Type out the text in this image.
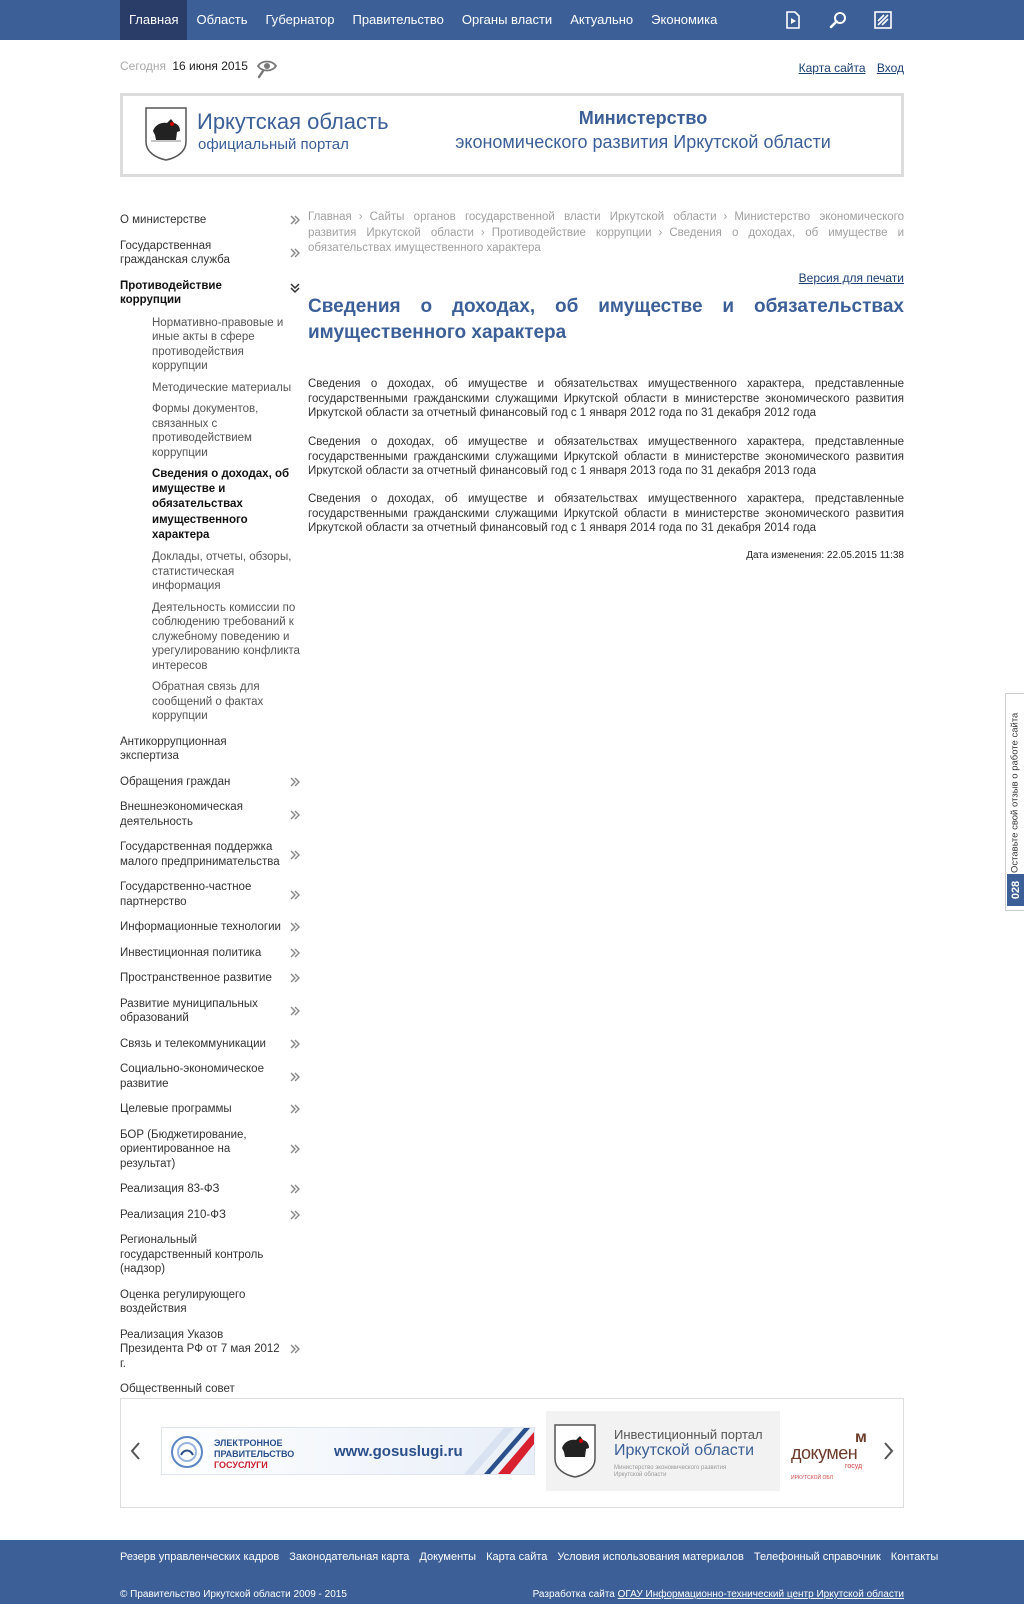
Главная	Область	Губернатор	Правительство	Органы власти	Актуально	Экономика
Сегодня 16 июня 2015	Карта сайта Вход
Иркутская область
официальный портал
Министерство
экономического развития Иркутской области
О министерстве
Государственная гражданская служба
Противодействие коррупции
Нормативно-правовые и иные акты в сфере противодействия коррупции
Методические материалы
Формы документов, связанных с противодействием коррупции
Сведения о доходах, об имуществе и обязательствах имущественного характера
Доклады, отчеты, обзоры, статистическая информация
Деятельность комиссии по соблюдению требований к служебному поведению и урегулированию конфликта интересов
Обратная связь для сообщений о фактах коррупции
Антикоррупционная экспертиза
Обращения граждан
Внешнеэкономическая деятельность
Государственная поддержка малого предпринимательства
Государственно-частное партнерство
Информационные технологии
Инвестиционная политика
Пространственное развитие
Развитие муниципальных образований
Связь и телекоммуникации
Социально-экономическое развитие
Целевые программы
БОР (Бюджетирование, ориентированное на результат)
Реализация 83-ФЗ
Реализация 210-ФЗ
Региональный государственный контроль (надзор)
Оценка регулирующего воздействия
Реализация Указов Президента РФ от 7 мая 2012 г.
Общественный совет
Главная › Сайты органов государственной власти Иркутской области › Министерство экономического развития Иркутской области › Противодействие коррупции › Сведения о доходах, об имуществе и обязательствах имущественного характера
Версия для печати
Сведения о доходах, об имуществе и обязательствах имущественного характера
Сведения о доходах, об имуществе и обязательствах имущественного характера, представленные государственными гражданскими служащими Иркутской области в министерстве экономического развития Иркутской области за отчетный финансовый год с 1 января 2012 года по 31 декабря 2012 года
Сведения о доходах, об имуществе и обязательствах имущественного характера, представленные государственными гражданскими служащими Иркутской области в министерстве экономического развития Иркутской области за отчетный финансовый год с 1 января 2013 года по 31 декабря 2013 года
Сведения о доходах, об имуществе и обязательствах имущественного характера, представленные государственными гражданскими служащими Иркутской области в министерстве экономического развития Иркутской области за отчетный финансовый год с 1 января 2014 года по 31 декабря 2014 года
Дата изменения: 22.05.2015 11:38
Оставьте свой отзыв о работе сайта
028
ЭЛЕКТРОННОЕ
ПРАВИТЕЛЬСТВО
ГОСУСЛУГИ
www.gosuslugi.ru
Инвестиционный портал
Иркутской области
Министерство экономического развития Иркутской области
м
докумен
госуд
ИРКУТСКОЙ ОБЛ
Резерв управленческих кадров Законодательная карта Документы Карта сайта Условия использования материалов Телефонный справочник Контакты
© Правительство Иркутской области 2009 - 2015	Разработка сайта ОГАУ Информационно-технический центр Иркутской области
